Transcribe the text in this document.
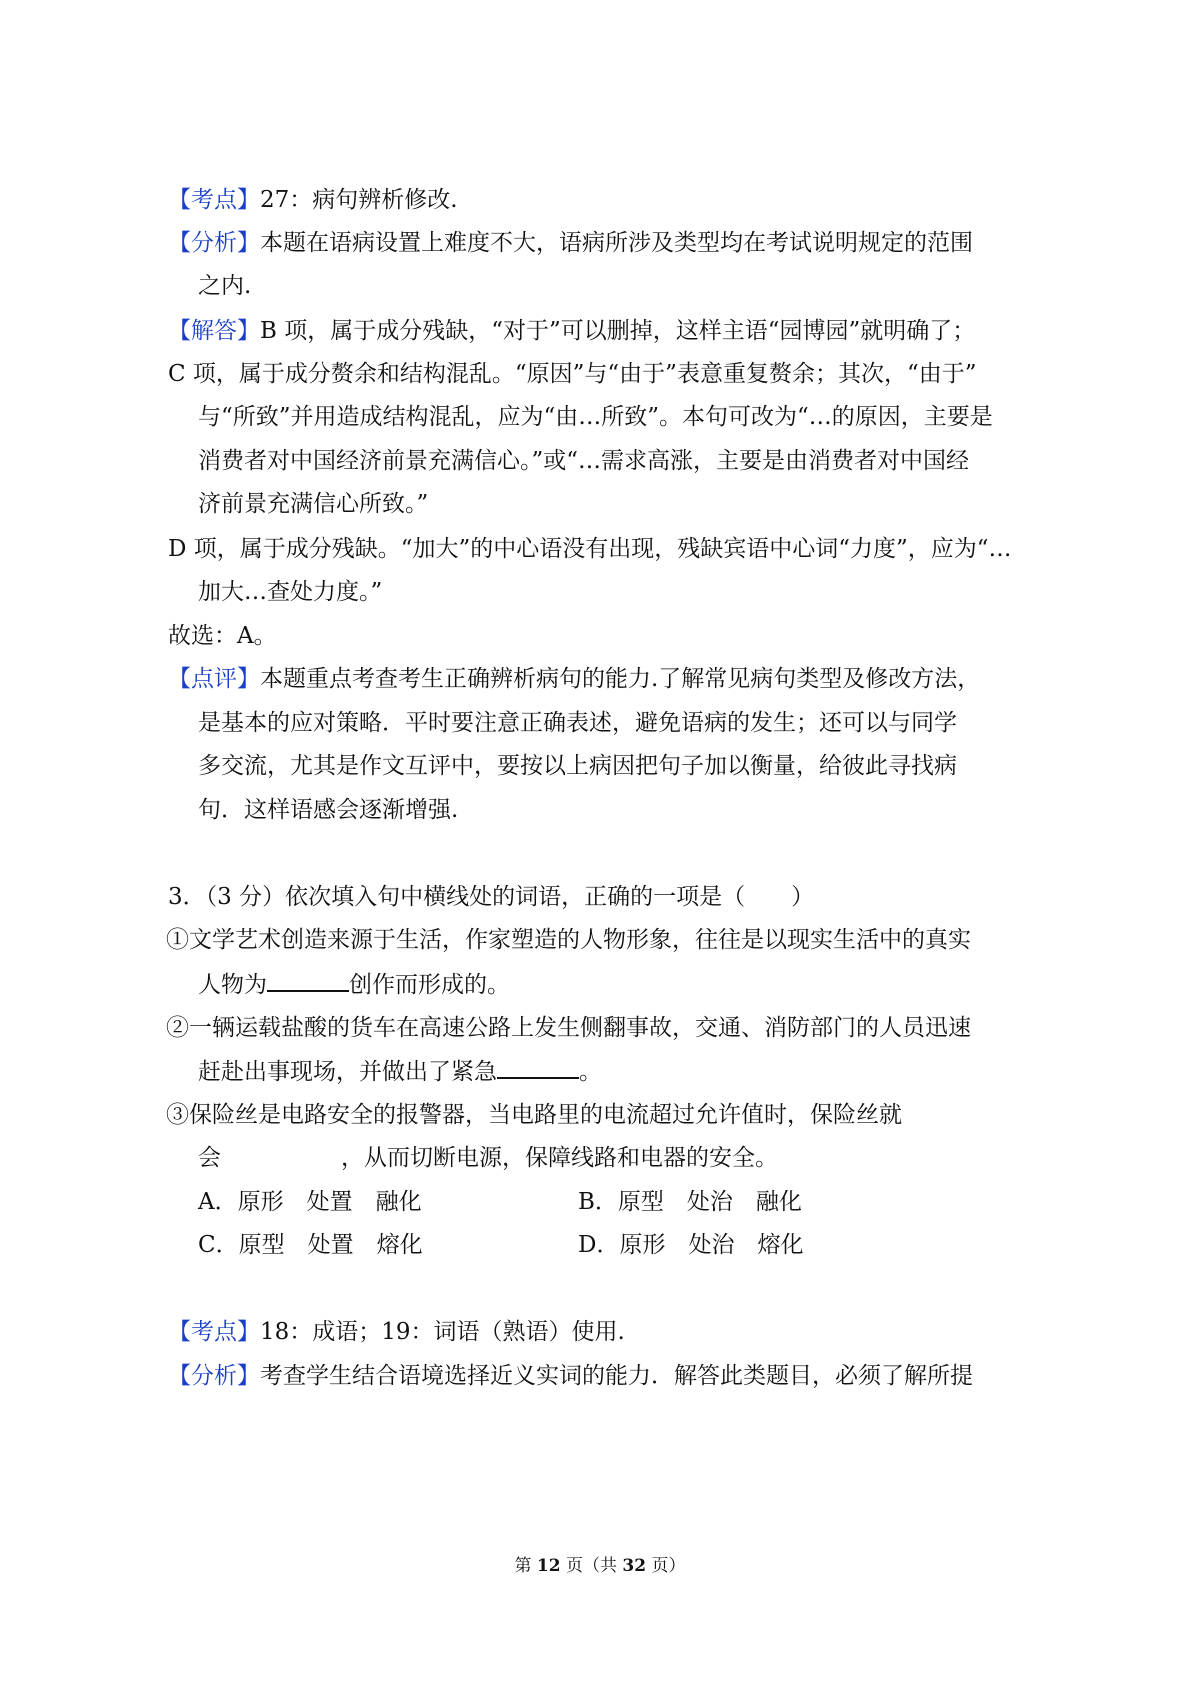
【考点】27：病句辨析修改.
【分析】本题在语病设置上难度不大，语病所涉及类型均在考试说明规定的范围
之内.
【解答】B 项，属于成分残缺，“对于”可以删掉，这样主语“园博园”就明确了；
C 项，属于成分赘余和结构混乱。“原因”与“由于”表意重复赘余；其次，“由于”
与“所致”并用造成结构混乱，应为“由…所致”。本句可改为“…的原因，主要是
消费者对中国经济前景充满信心。”或“…需求高涨，主要是由消费者对中国经
济前景充满信心所致。”
D 项，属于成分残缺。“加大”的中心语没有出现，残缺宾语中心词“力度”，应为“…
加大…查处力度。”
故选：A。
【点评】本题重点考查考生正确辨析病句的能力.了解常见病句类型及修改方法，
是基本的应对策略．平时要注意正确表述，避免语病的发生；还可以与同学
多交流，尤其是作文互评中，要按以上病因把句子加以衡量，给彼此寻找病
句．这样语感会逐渐增强.
3．（3 分）依次填入句中横线处的词语，正确的一项是（　　）
①文学艺术创造来源于生活，作家塑造的人物形象，往往是以现实生活中的真实
人物为	创作而形成的。
②一辆运载盐酸的货车在高速公路上发生侧翻事故，交通、消防部门的人员迅速
赶赴出事现场，并做出了紧急	。
③保险丝是电路安全的报警器，当电路里的电流超过允许值时，保险丝就
会	，从而切断电源，保障线路和电器的安全。
A．原形　处置　融化	B．原型　处治　融化
C．原型　处置　熔化	D．原形　处治　熔化
【考点】18：成语；19：词语（熟语）使用.
【分析】考查学生结合语境选择近义实词的能力．解答此类题目，必须了解所提
第 12 页（共 32 页）
